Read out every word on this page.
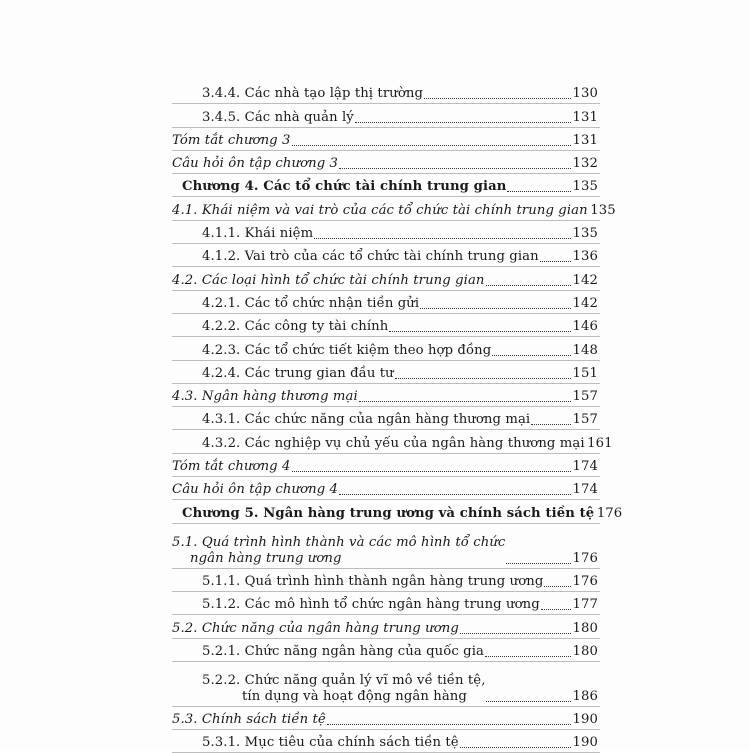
3.4.4. Các nhà tạo lập thị trường	130
3.4.5. Các nhà quản lý	131
Tóm tắt chương 3	131
Câu hỏi ôn tập chương 3	132
Chương 4. Các tổ chức tài chính trung gian	135
4.1. Khái niệm và vai trò của các tổ chức tài chính trung gian 135
4.1.1. Khái niệm	135
4.1.2. Vai trò của các tổ chức tài chính trung gian	136
4.2. Các loại hình tổ chức tài chính trung gian	142
4.2.1. Các tổ chức nhận tiền gửi	142
4.2.2. Các công ty tài chính	146
4.2.3. Các tổ chức tiết kiệm theo hợp đồng	148
4.2.4. Các trung gian đầu tư	151
4.3. Ngân hàng thương mại	157
4.3.1. Các chức năng của ngân hàng thương mại	157
4.3.2. Các nghiệp vụ chủ yếu của ngân hàng thương mại 161
Tóm tắt chương 4	174
Câu hỏi ôn tập chương 4	174
Chương 5. Ngân hàng trung ương và chính sách tiền tệ 176
5.1. Quá trình hình thành và các mô hình tổ chức
ngân hàng trung ương	176
5.1.1. Quá trình hình thành ngân hàng trung ương 176
5.1.2. Các mô hình tổ chức ngân hàng trung ương 177
5.2. Chức năng của ngân hàng trung ương	180
5.2.1. Chức năng ngân hàng của quốc gia	180
5.2.2. Chức năng quản lý vĩ mô về tiền tệ,
tín dụng và hoạt động ngân hàng	186
5.3. Chính sách tiền tệ	190
5.3.1. Mục tiêu của chính sách tiền tệ	190
